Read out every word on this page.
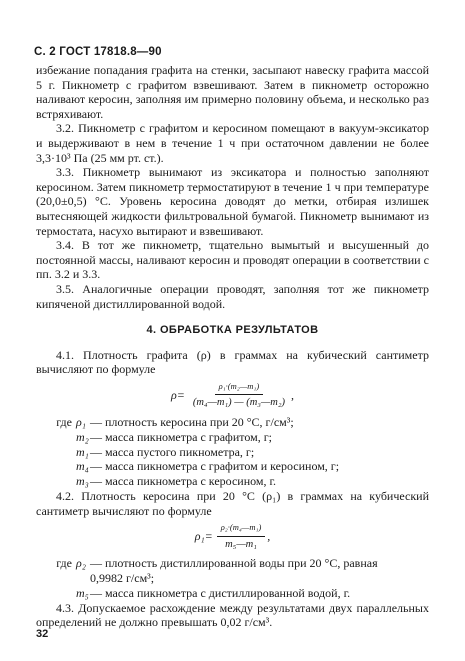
С. 2 ГОСТ 17818.8—90

избежание попадания графита на стенки, засыпают навеску графита массой 5 г. Пикнометр с графитом взвешивают. Затем в пикнометр осторожно наливают керосин, заполняя им примерно половину объема, и несколько раз встряхивают.

3.2. Пикнометр с графитом и керосином помещают в вакуум-эксикатор и выдерживают в нем в течение 1 ч при остаточном давлении не более 3,3·10³ Па (25 мм рт. ст.).

3.3. Пикнометр вынимают из эксикатора и полностью заполняют керосином. Затем пикнометр термостатируют в течение 1 ч при температуре (20,0±0,5) °С. Уровень керосина доводят до метки, отбирая излишек вытесняющей жидкости фильтровальной бумагой. Пикнометр вынимают из термостата, насухо вытирают и взвешивают.

3.4. В тот же пикнометр, тщательно вымытый и высушенный до постоянной массы, наливают керосин и проводят операции в соответствии с пп. 3.2 и 3.3.

3.5. Аналогичные операции проводят, заполняя тот же пикнометр кипяченой дистиллированной водой.

4. ОБРАБОТКА РЕЗУЛЬТАТОВ

4.1. Плотность графита (ρ) в граммах на кубический сантиметр вычисляют по формуле

$\rho= \frac{\text{ρ₁·(m₂—m₁)}}{\text{(m₄—m₁) — (m₃—m₂)}}$ ,
где ρ₁ — плотность керосина при 20 °С, г/см³;
m₂ — масса пикнометра с графитом, г;
m₁ — масса пустого пикнометра, г;
m₄ — масса пикнометра с графитом и керосином, г;
m₃ — масса пикнометра с керосином, г.

4.2. Плотность керосина при 20 °С (ρ₁) в граммах на кубический сантиметр вычисляют по формуле

$\rho_1= \frac{\text{ρ₂·(m₄—m₁)}}{\text{m₅—m₁}}$ ,
где ρ₂ — плотность дистиллированной воды при 20 °С, равная
0,9982 г/см³;
m₅ — масса пикнометра с дистиллированной водой, г.

4.3. Допускаемое расхождение между результатами двух параллельных определений не должно превышать 0,02 г/см³.

32
